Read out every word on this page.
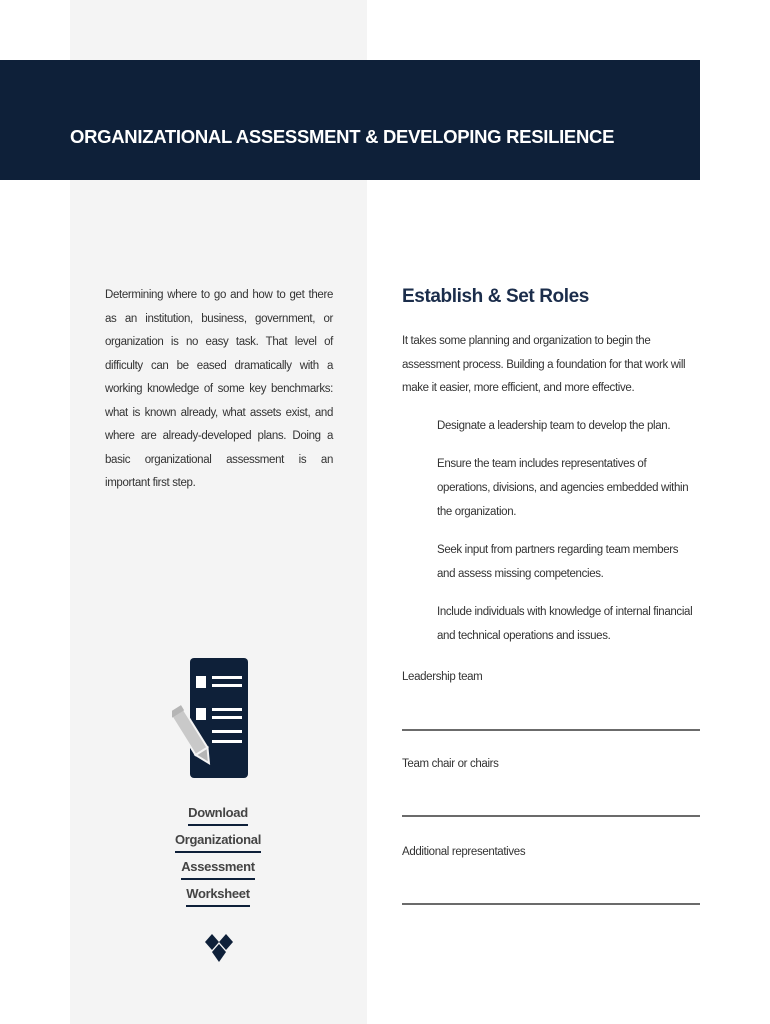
ORGANIZATIONAL ASSESSMENT & DEVELOPING RESILIENCE

Determining where to go and how to get there as an institution, business, government, or organization is no easy task. That level of difficulty can be eased dramatically with a working knowledge of some key benchmarks: what is known already, what assets exist, and where are already-developed plans. Doing a basic organizational assessment is an important first step.

Download
Organizational
Assessment
Worksheet
Establish & Set Roles

It takes some planning and organization to begin the assessment process. Building a foundation for that work will make it easier, more efficient, and more effective.

Designate a leadership team to develop the plan.
Ensure the team includes representatives of operations, divisions, and agencies embedded within the organization.
Seek input from partners regarding team members and assess missing competencies.
Include individuals with knowledge of internal financial and technical operations and issues.
Leadership team
Team chair or chairs
Additional representatives
